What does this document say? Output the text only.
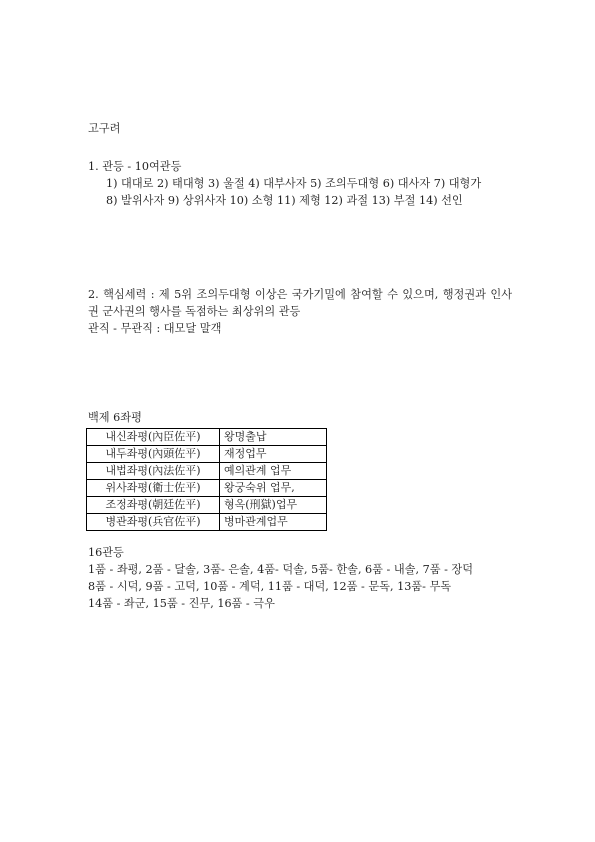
고구려

1. 관등 - 10여관등

1) 대대로 2) 태대형 3) 울절 4) 대부사자 5) 조의두대형 6) 대사자 7) 대형가

8) 발위사자 9) 상위사자 10) 소형 11) 제형 12) 과절 13) 부절 14) 선인

2. 핵심세력 : 제 5위 조의두대형 이상은 국가기밀에 참여할 수 있으며, 행정권과 인사권 군사권의 행사를 독점하는 최상위의 관등

관직 - 무관직 : 대모달 말객

백제 6좌평
내신좌평(內臣佐平)	왕명출납
내두좌평(內頭佐平)	재정업무
내법좌평(內法佐平)	예의관계 업무
위사좌평(衛士佐平)	왕궁숙위 업무,
조정좌평(朝廷佐平)	형옥(刑獄)업무
병관좌평(兵官佐平)	병마관계업무

16관등

1품 - 좌평, 2품 - 달솔, 3품- 은솔, 4품- 덕솔, 5품- 한솔, 6품 - 내솔, 7품 - 장덕

8품 - 시덕, 9품 - 고덕, 10품 - 계덕, 11품 - 대덕, 12품 - 문독, 13품- 무독

14품 - 좌군, 15품 - 진무, 16품 - 극우
